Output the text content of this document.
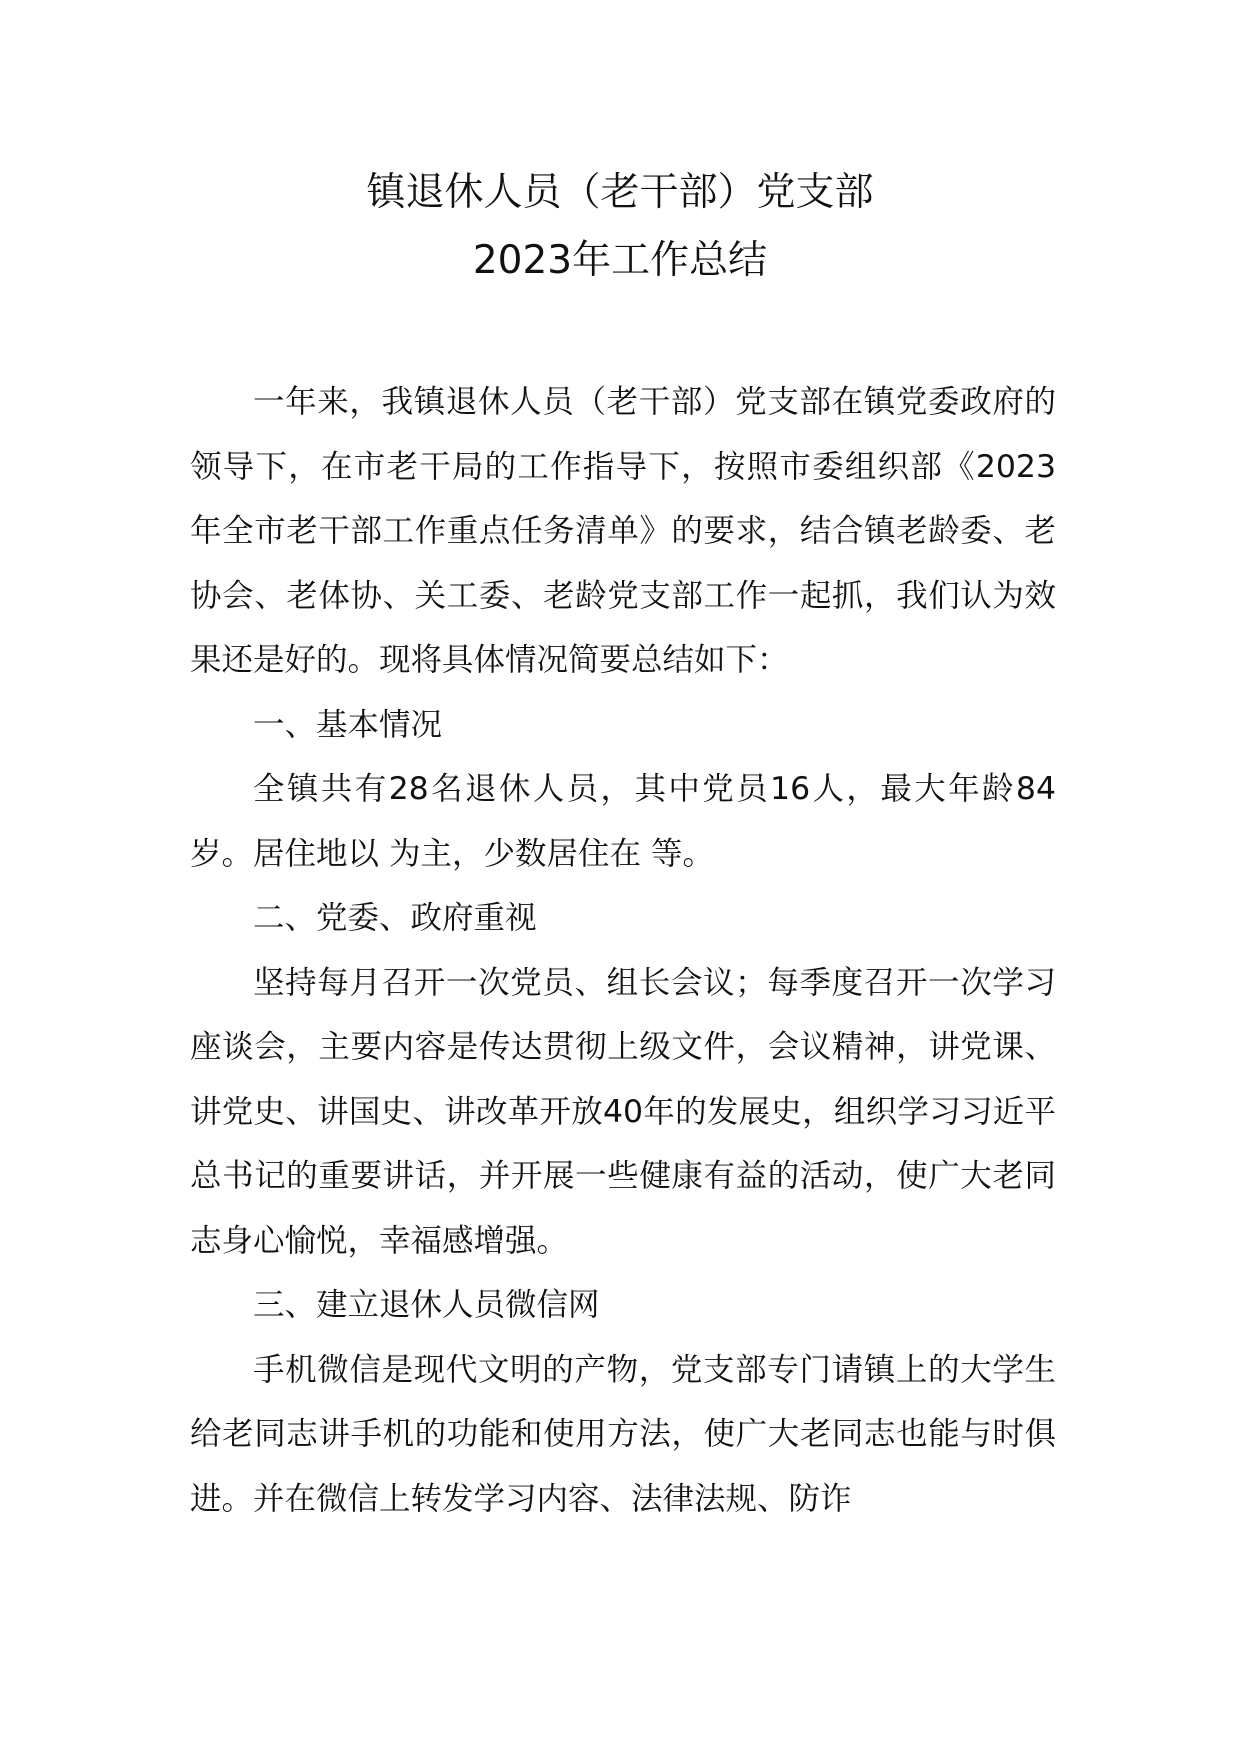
镇退休人员（老干部）党支部
2023年工作总结

一年来，我镇退休人员（老干部）党支部在镇党委政府的领导下，在市老干局的工作指导下，按照市委组织部《2023年全市老干部工作重点任务清单》的要求，结合镇老龄委、老协会、老体协、关工委、老龄党支部工作一起抓，我们认为效果还是好的。现将具体情况简要总结如下：

一、基本情况

全镇共有28名退休人员，其中党员16人，最大年龄84岁。居住地以 为主，少数居住在 等。

二、党委、政府重视

坚持每月召开一次党员、组长会议；每季度召开一次学习座谈会，主要内容是传达贯彻上级文件，会议精神，讲党课、讲党史、讲国史、讲改革开放40年的发展史，组织学习习近平总书记的重要讲话，并开展一些健康有益的活动，使广大老同志身心愉悦，幸福感增强。

三、建立退休人员微信网

手机微信是现代文明的产物，党支部专门请镇上的大学生给老同志讲手机的功能和使用方法，使广大老同志也能与时俱进。并在微信上转发学习内容、法律法规、防诈
